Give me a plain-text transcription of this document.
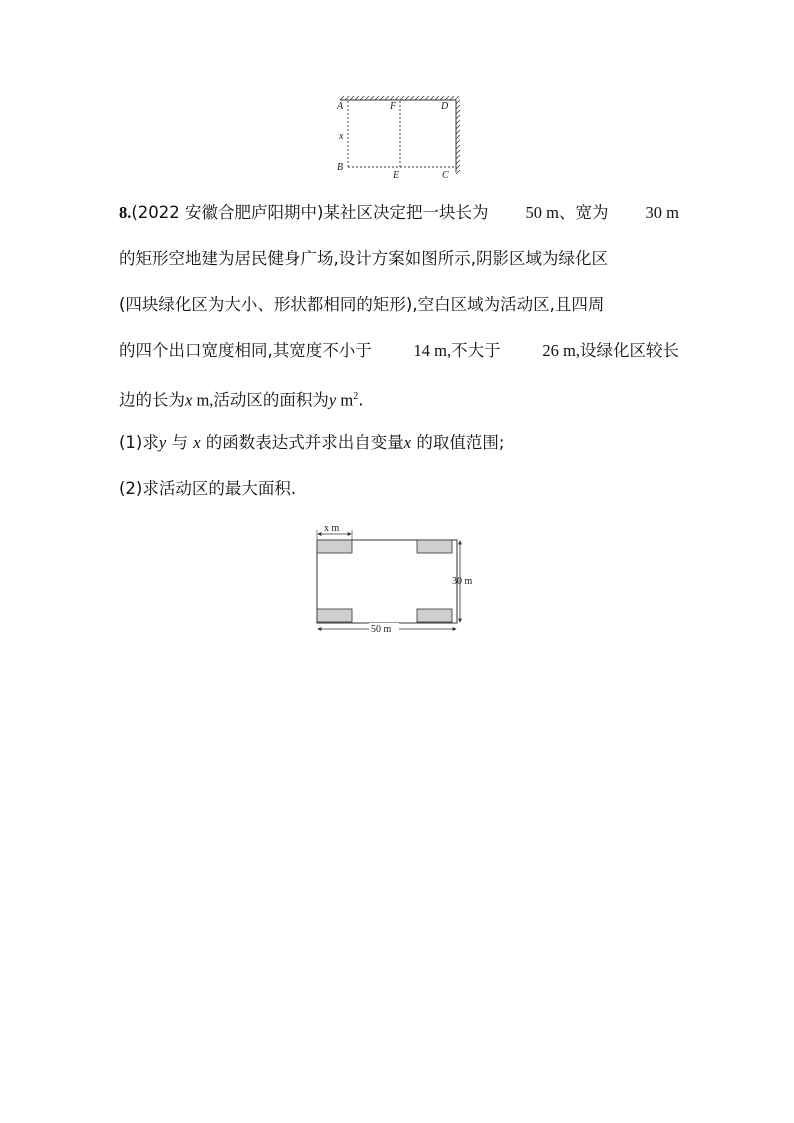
A	F	D
x
B
E	C
8.(2022 安徽合肥庐阳期中)某社区决定把一块长为 50 m、宽为 30 m
的矩形空地建为居民健身广场,设计方案如图所示,阴影区域为绿化区
(四块绿化区为大小、形状都相同的矩形),空白区域为活动区,且四周
的四个出口宽度相同,其宽度不小于	14 m,不大于	26 m,设绿化区较长
边的长为x m,活动区的面积为y $m^2$.
(1)求y 与 x 的函数表达式并求出自变量x 的取值范围;
(2)求活动区的最大面积.
x m
30 m
50 m
